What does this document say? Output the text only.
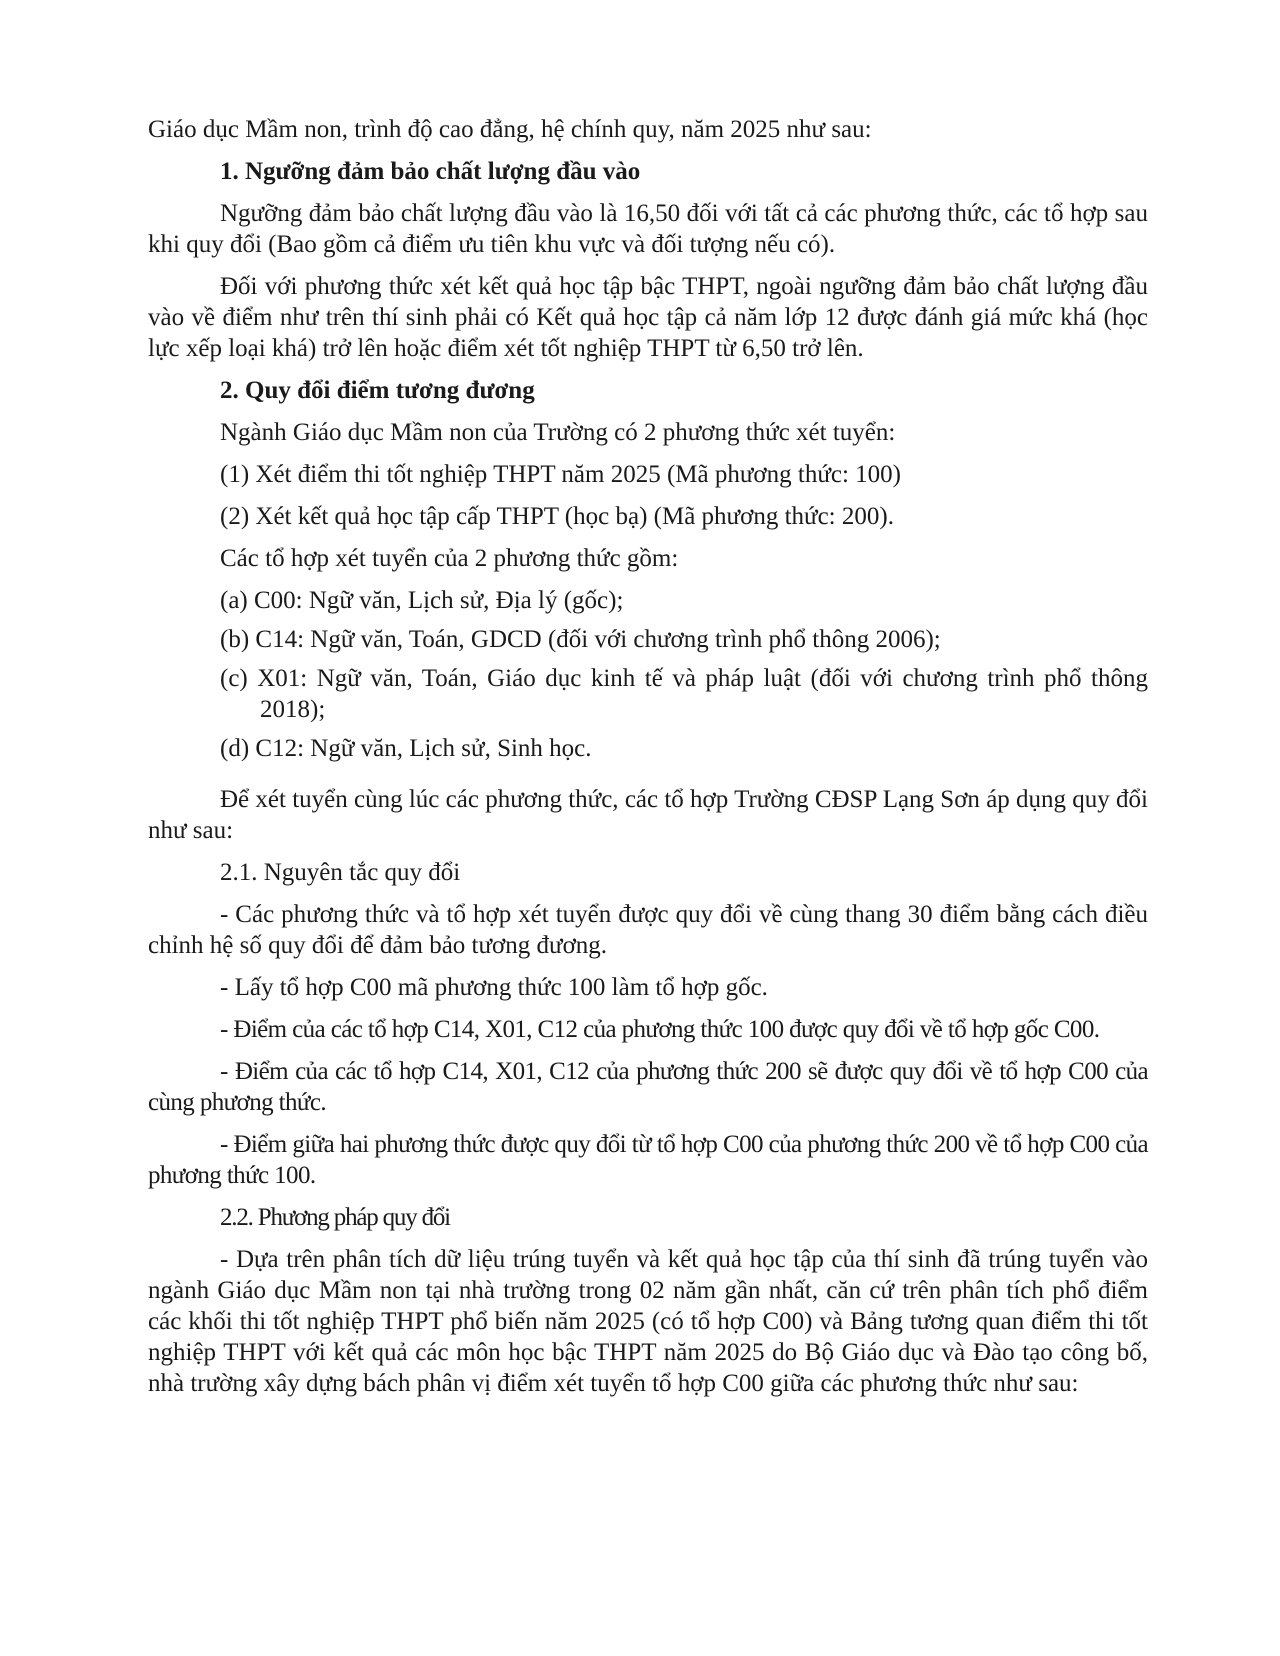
Giáo dục Mầm non, trình độ cao đẳng, hệ chính quy, năm 2025 như sau:

1. Ngưỡng đảm bảo chất lượng đầu vào

Ngưỡng đảm bảo chất lượng đầu vào là 16,50 đối với tất cả các phương thức, các tổ hợp sau khi quy đổi (Bao gồm cả điểm ưu tiên khu vực và đối tượng nếu có).

Đối với phương thức xét kết quả học tập bậc THPT, ngoài ngưỡng đảm bảo chất lượng đầu vào về điểm như trên thí sinh phải có Kết quả học tập cả năm lớp 12 được đánh giá mức khá (học lực xếp loại khá) trở lên hoặc điểm xét tốt nghiệp THPT từ 6,50 trở lên.

2. Quy đổi điểm tương đương

Ngành Giáo dục Mầm non của Trường có 2 phương thức xét tuyển:

(1) Xét điểm thi tốt nghiệp THPT năm 2025 (Mã phương thức: 100)

(2) Xét kết quả học tập cấp THPT (học bạ) (Mã phương thức: 200).

Các tổ hợp xét tuyển của 2 phương thức gồm:

(a) C00: Ngữ văn, Lịch sử, Địa lý (gốc);

(b) C14: Ngữ văn, Toán, GDCD (đối với chương trình phổ thông 2006);

(c) X01: Ngữ văn, Toán, Giáo dục kinh tế và pháp luật (đối với chương trình phổ thông 2018);

(d) C12: Ngữ văn, Lịch sử, Sinh học.

Để xét tuyển cùng lúc các phương thức, các tổ hợp Trường CĐSP Lạng Sơn áp dụng quy đổi như sau:

2.1. Nguyên tắc quy đổi

- Các phương thức và tổ hợp xét tuyển được quy đổi về cùng thang 30 điểm bằng cách điều chỉnh hệ số quy đổi để đảm bảo tương đương.

- Lấy tổ hợp C00 mã phương thức 100 làm tổ hợp gốc.

- Điểm của các tổ hợp C14, X01, C12 của phương thức 100 được quy đổi về tổ hợp gốc C00.

- Điểm của các tổ hợp C14, X01, C12 của phương thức 200 sẽ được quy đổi về tổ hợp C00 của cùng phương thức.

- Điểm giữa hai phương thức được quy đổi từ tổ hợp C00 của phương thức 200 về tổ hợp C00 của phương thức 100.

2.2. Phương pháp quy đổi

- Dựa trên phân tích dữ liệu trúng tuyển và kết quả học tập của thí sinh đã trúng tuyển vào ngành Giáo dục Mầm non tại nhà trường trong 02 năm gần nhất, căn cứ trên phân tích phổ điểm các khối thi tốt nghiệp THPT phổ biến năm 2025 (có tổ hợp C00) và Bảng tương quan điểm thi tốt nghiệp THPT với kết quả các môn học bậc THPT năm 2025 do Bộ Giáo dục và Đào tạo công bố, nhà trường xây dựng bách phân vị điểm xét tuyển tổ hợp C00 giữa các phương thức như sau:
